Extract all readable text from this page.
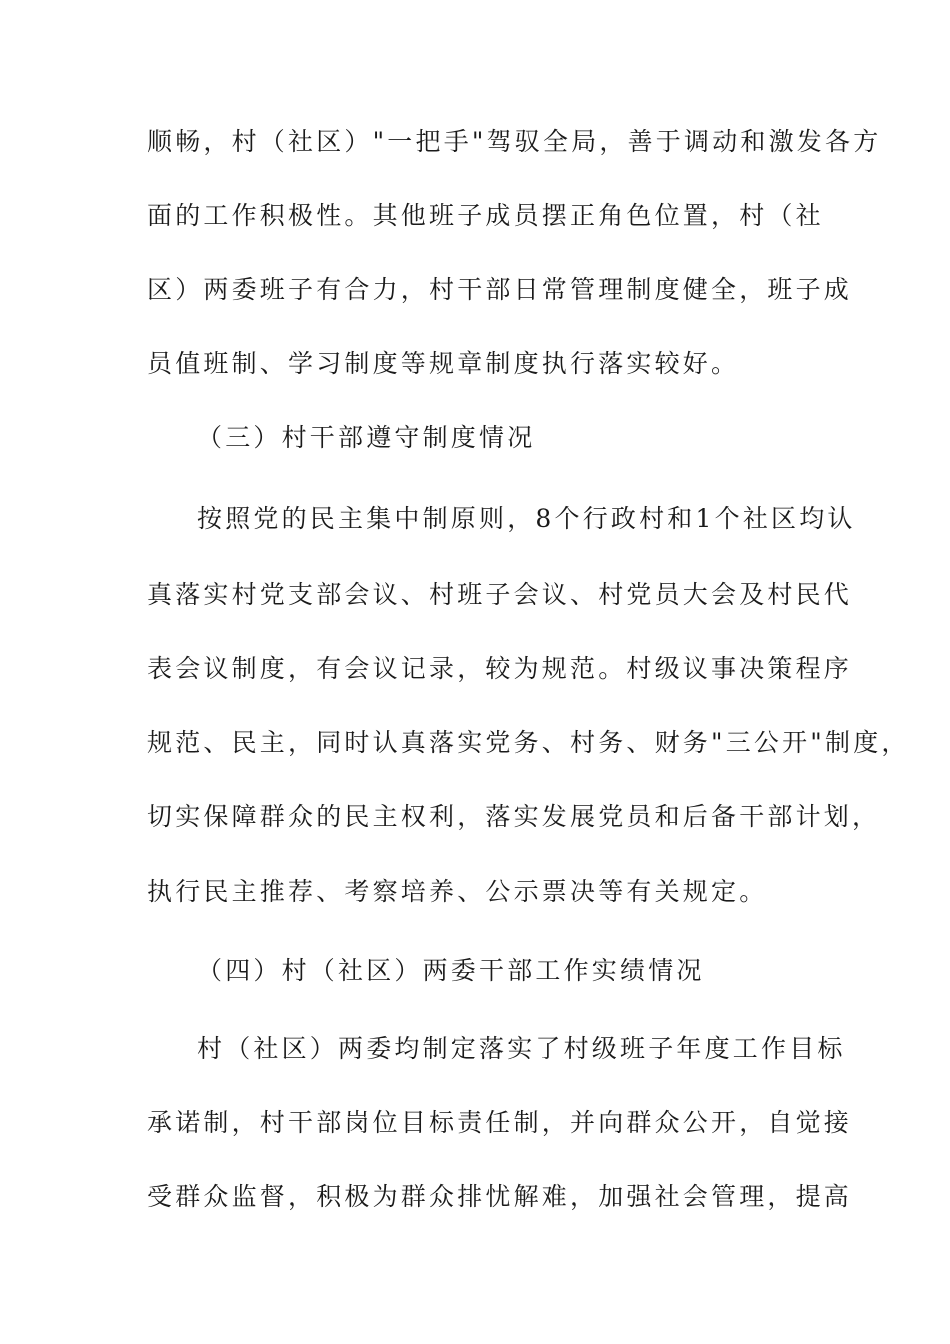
顺畅，村（社区）"一把手"驾驭全局，善于调动和激发各方
面的工作积极性。其他班子成员摆正角色位置，村（社
区）两委班子有合力，村干部日常管理制度健全，班子成
员值班制、学习制度等规章制度执行落实较好。
（三）村干部遵守制度情况
按照党的民主集中制原则，8个行政村和1个社区均认
真落实村党支部会议、村班子会议、村党员大会及村民代
表会议制度，有会议记录，较为规范。村级议事决策程序
规范、民主，同时认真落实党务、村务、财务"三公开"制度，
切实保障群众的民主权利，落实发展党员和后备干部计划，
执行民主推荐、考察培养、公示票决等有关规定。
（四）村（社区）两委干部工作实绩情况
村（社区）两委均制定落实了村级班子年度工作目标
承诺制，村干部岗位目标责任制，并向群众公开，自觉接
受群众监督，积极为群众排忧解难，加强社会管理，提高
